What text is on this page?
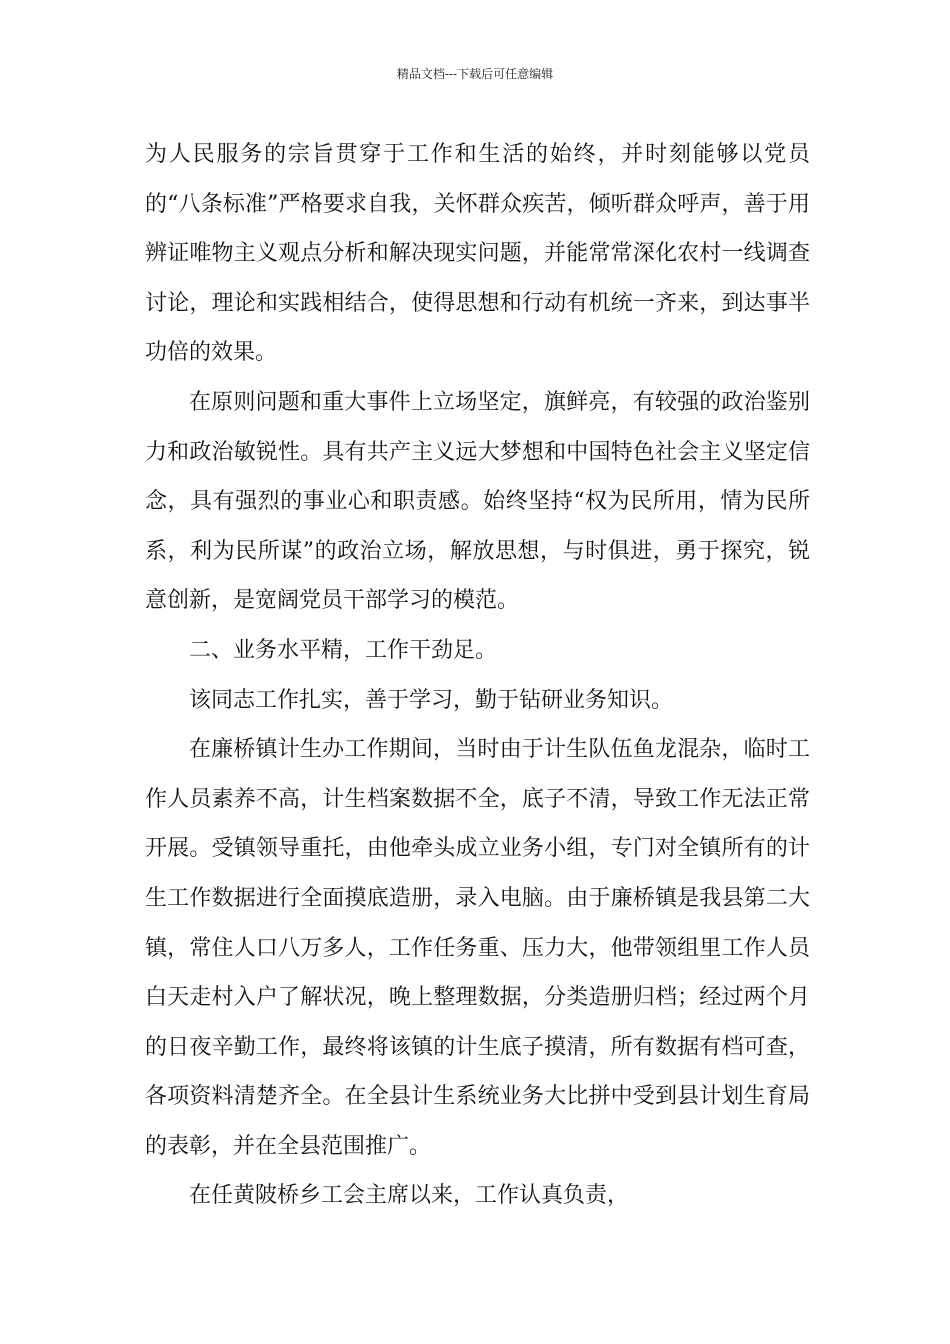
精品文档---下载后可任意编辑

为人民服务的宗旨贯穿于工作和生活的始终，并时刻能够以党员的“八条标准”严格要求自我，关怀群众疾苦，倾听群众呼声，善于用辨证唯物主义观点分析和解决现实问题，并能常常深化农村一线调查讨论，理论和实践相结合，使得思想和行动有机统一齐来，到达事半功倍的效果。

在原则问题和重大事件上立场坚定，旗鲜亮，有较强的政治鉴别力和政治敏锐性。具有共产主义远大梦想和中国特色社会主义坚定信念，具有强烈的事业心和职责感。始终坚持“权为民所用，情为民所系，利为民所谋”的政治立场，解放思想，与时俱进，勇于探究，锐意创新，是宽阔党员干部学习的模范。

二、业务水平精，工作干劲足。

该同志工作扎实，善于学习，勤于钻研业务知识。

在廉桥镇计生办工作期间，当时由于计生队伍鱼龙混杂，临时工作人员素养不高，计生档案数据不全，底子不清，导致工作无法正常开展。受镇领导重托，由他牵头成立业务小组，专门对全镇所有的计生工作数据进行全面摸底造册，录入电脑。由于廉桥镇是我县第二大镇，常住人口八万多人，工作任务重、压力大，他带领组里工作人员白天走村入户了解状况，晚上整理数据，分类造册归档；经过两个月的日夜辛勤工作，最终将该镇的计生底子摸清，所有数据有档可查，各项资料清楚齐全。在全县计生系统业务大比拼中受到县计划生育局的表彰，并在全县范围推广。

在任黄陂桥乡工会主席以来，工作认真负责，
